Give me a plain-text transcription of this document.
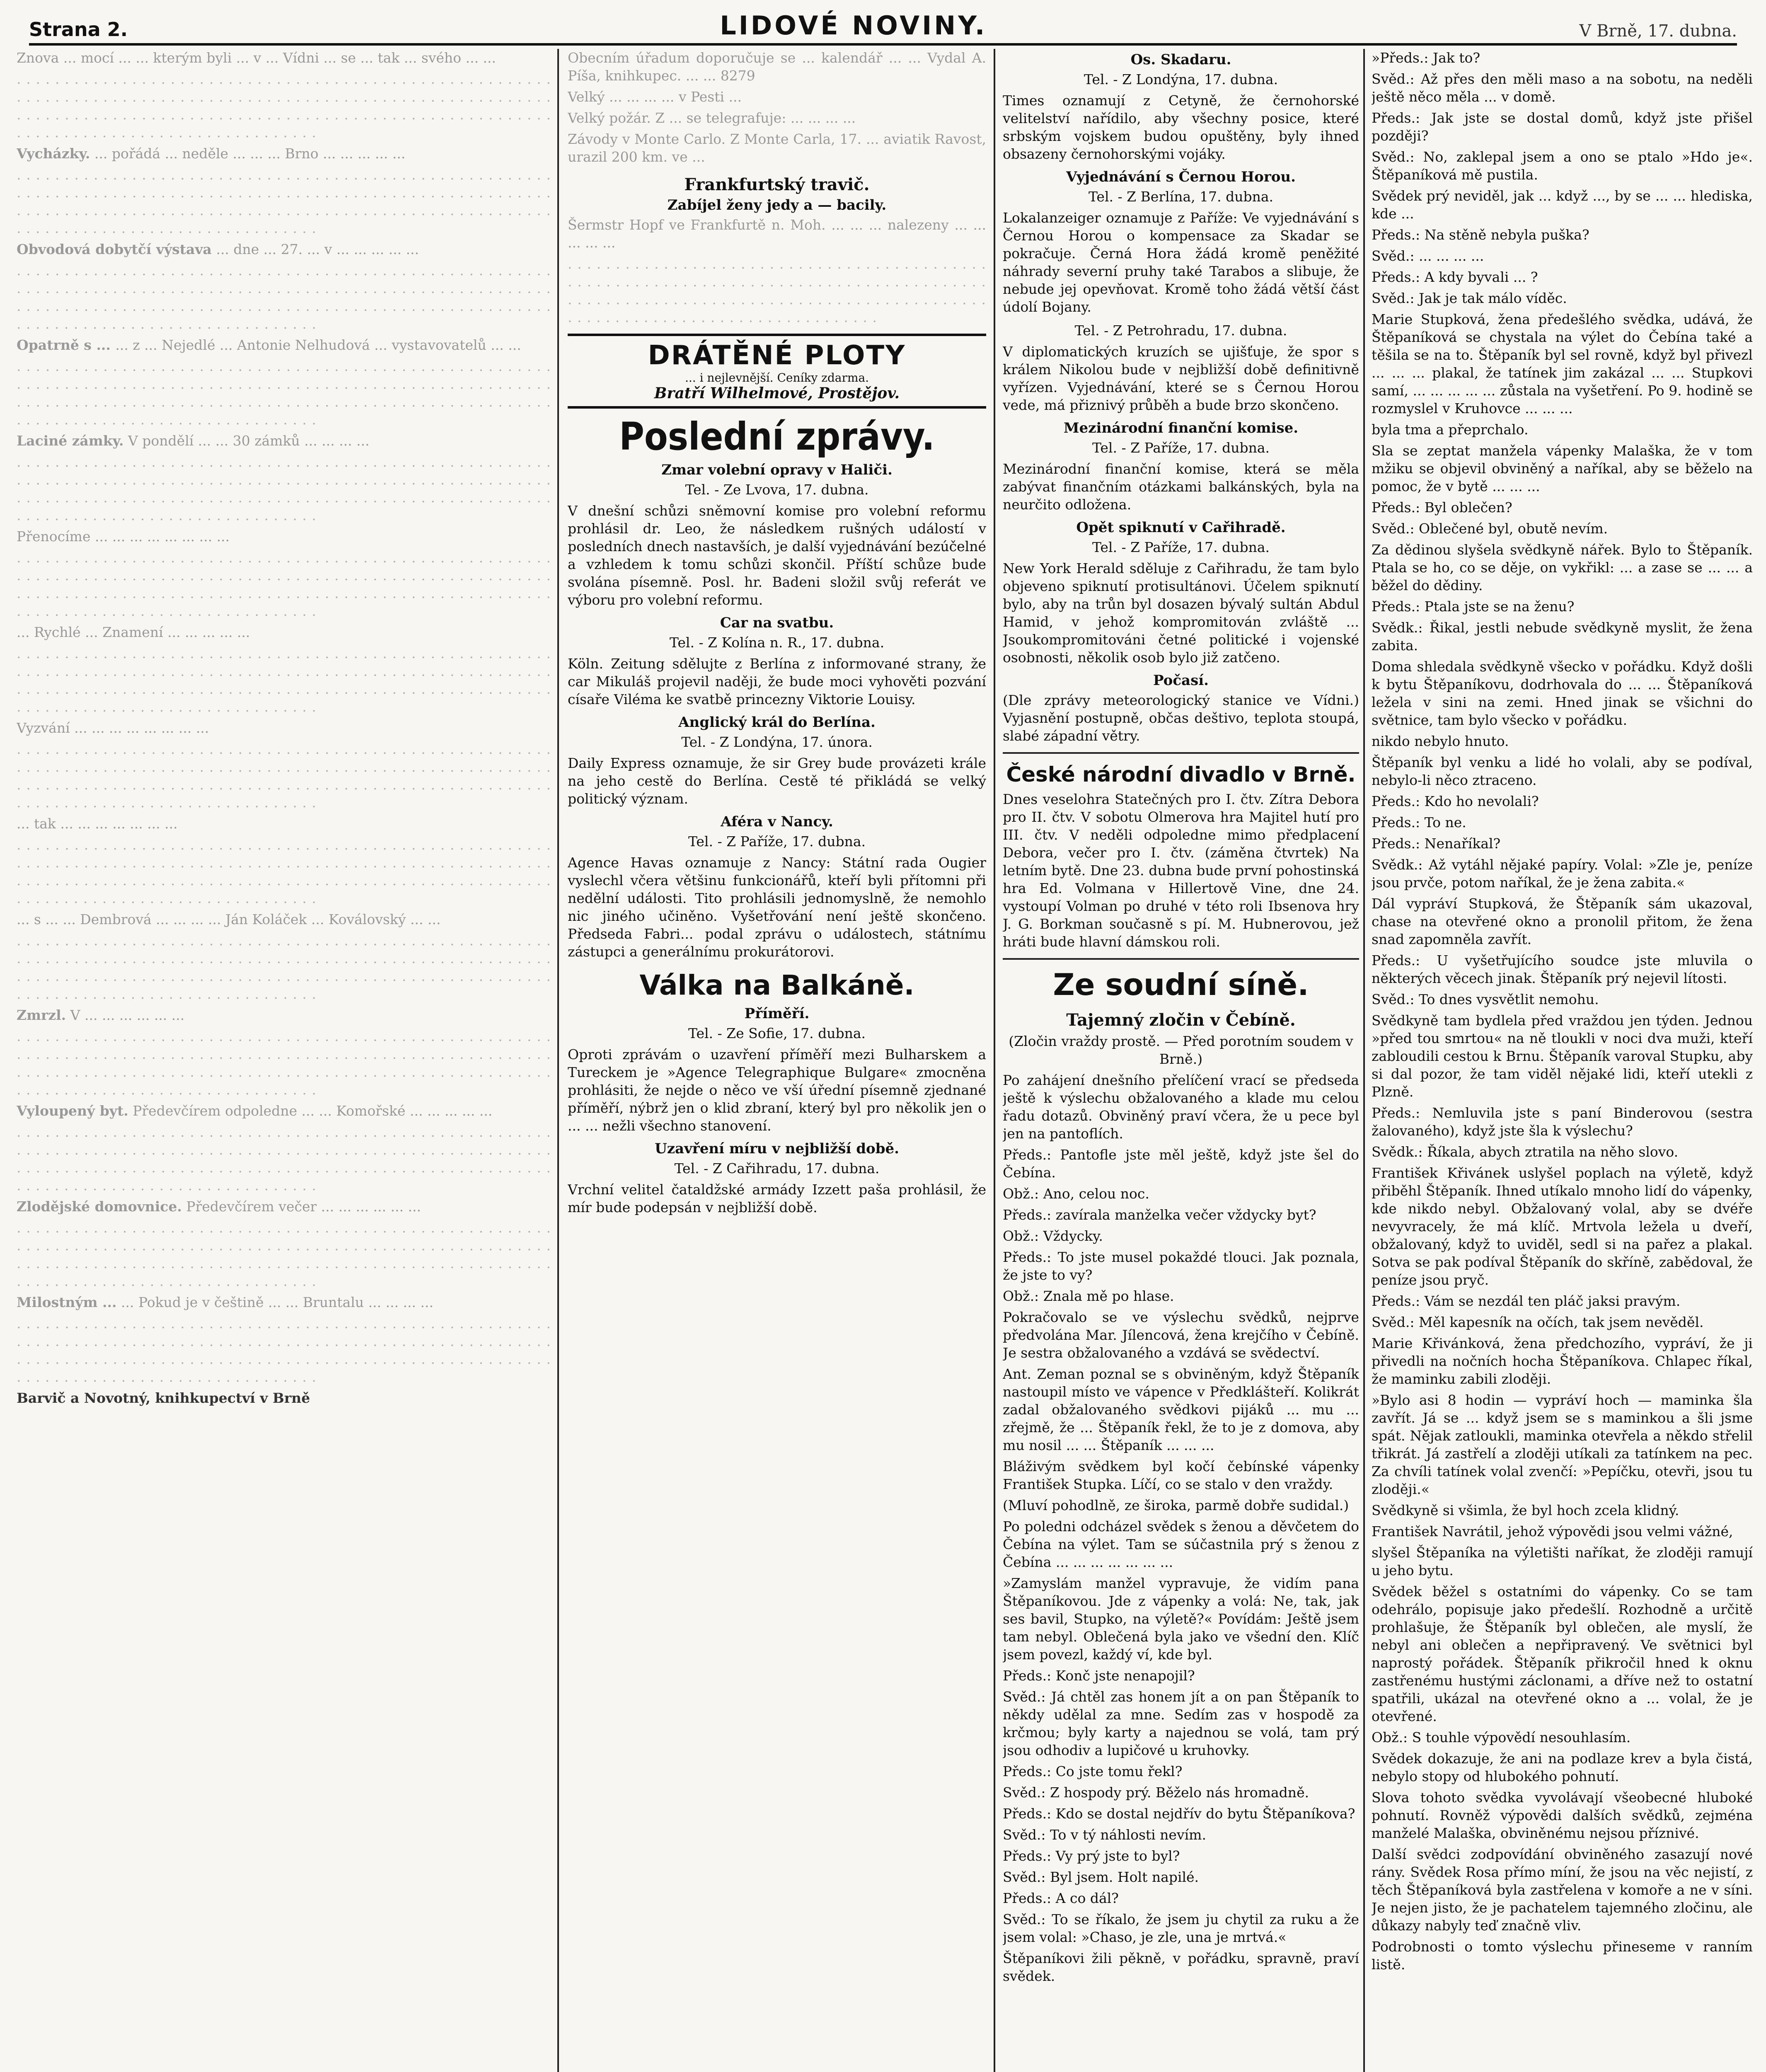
Strana 2.	LIDOVÉ NOVINY.	V Brně, 17. dubna.

Znova ... mocí ... ... kterým byli ... v ... Vídni ... se ... tak ... svého ... ...

. . . . . . . . . . . . . . . . . . . . . . . . . . . . . . . . . . . . . . . . . . . . . . . . . . . . . . . . . . . . . . . . . . . . . . . . . . . . . . . . . . . . . . . . . . . . . . . . . . . . . . . . . . . . . . . . . . . . . . . . . . . . . . . . . . . . . . . . . . . . . . . . . . . . . . . . . . . . . . . . . . . . . . . . . . . . . . . . . . . . . . . . . . . . . . . . . . . . . . . .

Vycházky. ... pořádá ... neděle ... ... ... Brno ... ... ... ... ...

. . . . . . . . . . . . . . . . . . . . . . . . . . . . . . . . . . . . . . . . . . . . . . . . . . . . . . . . . . . . . . . . . . . . . . . . . . . . . . . . . . . . . . . . . . . . . . . . . . . . . . . . . . . . . . . . . . . . . . . . . . . . . . . . . . . . . . . . . . . . . . . . . . . . . . . . . . . . . . . . . . . . . . . . . . . . . . . . . . . . . . . . . . . . . . . . . . . . . . . .

Obvodová dobytčí výstava ... dne ... 27. ... v ... ... ... ... ...

. . . . . . . . . . . . . . . . . . . . . . . . . . . . . . . . . . . . . . . . . . . . . . . . . . . . . . . . . . . . . . . . . . . . . . . . . . . . . . . . . . . . . . . . . . . . . . . . . . . . . . . . . . . . . . . . . . . . . . . . . . . . . . . . . . . . . . . . . . . . . . . . . . . . . . . . . . . . . . . . . . . . . . . . . . . . . . . . . . . . . . . . . . . . . . . . . . . . . . . .

Opatrně s ... ... z ... Nejedlé ... Antonie Nelhudová ... vystavovatelů ... ...

. . . . . . . . . . . . . . . . . . . . . . . . . . . . . . . . . . . . . . . . . . . . . . . . . . . . . . . . . . . . . . . . . . . . . . . . . . . . . . . . . . . . . . . . . . . . . . . . . . . . . . . . . . . . . . . . . . . . . . . . . . . . . . . . . . . . . . . . . . . . . . . . . . . . . . . . . . . . . . . . . . . . . . . . . . . . . . . . . . . . . . . . . . . . . . . . . . . . . . . .

Laciné zámky. V pondělí ... ... 30 zámků ... ... ... ...

. . . . . . . . . . . . . . . . . . . . . . . . . . . . . . . . . . . . . . . . . . . . . . . . . . . . . . . . . . . . . . . . . . . . . . . . . . . . . . . . . . . . . . . . . . . . . . . . . . . . . . . . . . . . . . . . . . . . . . . . . . . . . . . . . . . . . . . . . . . . . . . . . . . . . . . . . . . . . . . . . . . . . . . . . . . . . . . . . . . . . . . . . . . . . . . . . . . . . . . .

Přenocíme ... ... ... ... ... ... ... ...

. . . . . . . . . . . . . . . . . . . . . . . . . . . . . . . . . . . . . . . . . . . . . . . . . . . . . . . . . . . . . . . . . . . . . . . . . . . . . . . . . . . . . . . . . . . . . . . . . . . . . . . . . . . . . . . . . . . . . . . . . . . . . . . . . . . . . . . . . . . . . . . . . . . . . . . . . . . . . . . . . . . . . . . . . . . . . . . . . . . . . . . . . . . . . . . . . . . . . . . .

... Rychlé ... Znamení ... ... ... ... ...

. . . . . . . . . . . . . . . . . . . . . . . . . . . . . . . . . . . . . . . . . . . . . . . . . . . . . . . . . . . . . . . . . . . . . . . . . . . . . . . . . . . . . . . . . . . . . . . . . . . . . . . . . . . . . . . . . . . . . . . . . . . . . . . . . . . . . . . . . . . . . . . . . . . . . . . . . . . . . . . . . . . . . . . . . . . . . . . . . . . . . . . . . . . . . . . . . . . . . . . .

Vyzvání ... ... ... ... ... ... ... ...

. . . . . . . . . . . . . . . . . . . . . . . . . . . . . . . . . . . . . . . . . . . . . . . . . . . . . . . . . . . . . . . . . . . . . . . . . . . . . . . . . . . . . . . . . . . . . . . . . . . . . . . . . . . . . . . . . . . . . . . . . . . . . . . . . . . . . . . . . . . . . . . . . . . . . . . . . . . . . . . . . . . . . . . . . . . . . . . . . . . . . . . . . . . . . . . . . . . . . . . .

... tak ... ... ... ... ... ... ...

. . . . . . . . . . . . . . . . . . . . . . . . . . . . . . . . . . . . . . . . . . . . . . . . . . . . . . . . . . . . . . . . . . . . . . . . . . . . . . . . . . . . . . . . . . . . . . . . . . . . . . . . . . . . . . . . . . . . . . . . . . . . . . . . . . . . . . . . . . . . . . . . . . . . . . . . . . . . . . . . . . . . . . . . . . . . . . . . . . . . . . . . . . . . . . . . . . . . . . . .

... s ... ... Dembrová ... ... ... ... Ján Koláček ... Koválovský ... ...

. . . . . . . . . . . . . . . . . . . . . . . . . . . . . . . . . . . . . . . . . . . . . . . . . . . . . . . . . . . . . . . . . . . . . . . . . . . . . . . . . . . . . . . . . . . . . . . . . . . . . . . . . . . . . . . . . . . . . . . . . . . . . . . . . . . . . . . . . . . . . . . . . . . . . . . . . . . . . . . . . . . . . . . . . . . . . . . . . . . . . . . . . . . . . . . . . . . . . . . .

Zmrzl. V ... ... ... ... ... ...

. . . . . . . . . . . . . . . . . . . . . . . . . . . . . . . . . . . . . . . . . . . . . . . . . . . . . . . . . . . . . . . . . . . . . . . . . . . . . . . . . . . . . . . . . . . . . . . . . . . . . . . . . . . . . . . . . . . . . . . . . . . . . . . . . . . . . . . . . . . . . . . . . . . . . . . . . . . . . . . . . . . . . . . . . . . . . . . . . . . . . . . . . . . . . . . . . . . . . . . .

Vyloupený byt. Předevčírem odpoledne ... ... Komořské ... ... ... ... ...

. . . . . . . . . . . . . . . . . . . . . . . . . . . . . . . . . . . . . . . . . . . . . . . . . . . . . . . . . . . . . . . . . . . . . . . . . . . . . . . . . . . . . . . . . . . . . . . . . . . . . . . . . . . . . . . . . . . . . . . . . . . . . . . . . . . . . . . . . . . . . . . . . . . . . . . . . . . . . . . . . . . . . . . . . . . . . . . . . . . . . . . . . . . . . . . . . . . . . . . .

Zlodějské domovnice. Předevčírem večer ... ... ... ... ... ...

. . . . . . . . . . . . . . . . . . . . . . . . . . . . . . . . . . . . . . . . . . . . . . . . . . . . . . . . . . . . . . . . . . . . . . . . . . . . . . . . . . . . . . . . . . . . . . . . . . . . . . . . . . . . . . . . . . . . . . . . . . . . . . . . . . . . . . . . . . . . . . . . . . . . . . . . . . . . . . . . . . . . . . . . . . . . . . . . . . . . . . . . . . . . . . . . . . . . . . . .

Milostným ... ... Pokud je v češtině ... ... Bruntalu ... ... ... ...

. . . . . . . . . . . . . . . . . . . . . . . . . . . . . . . . . . . . . . . . . . . . . . . . . . . . . . . . . . . . . . . . . . . . . . . . . . . . . . . . . . . . . . . . . . . . . . . . . . . . . . . . . . . . . . . . . . . . . . . . . . . . . . . . . . . . . . . . . . . . . . . . . . . . . . . . . . . . . . . . . . . . . . . . . . . . . . . . . . . . . . . . . . . . . . . . . . . . . . . .

Barvič a Novotný, knihkupectví v Brně

Obecním úřadum doporučuje se ... kalendář ... ... Vydal A. Píša, knihkupec. ... ... 8279

Velký ... ... ... ... v Pesti ...

Velký požár. Z ... se telegrafuje: ... ... ... ...

Závody v Monte Carlo. Z Monte Carla, 17. ... aviatik Ravost, urazil 200 km. ve ...

Frankfurtský travič.
Zabíjel ženy jedy a — bacily.

Šermstr Hopf ve Frankfurtě n. Moh. ... ... ... nalezeny ... ... ... ... ...

. . . . . . . . . . . . . . . . . . . . . . . . . . . . . . . . . . . . . . . . . . . . . . . . . . . . . . . . . . . . . . . . . . . . . . . . . . . . . . . . . . . . . . . . . . . . . . . . . . . . . . . . . . . . . . . . . . . . . . . . . . . . . . . . . . . . . . . . . . . . . . . . . . . . . . . . . . . . . . . . . . . . .

DRÁTĚNÉ PLOTY
... i nejlevnější. Ceníky zdarma.
Bratří Wilhelmové, Prostějov.
Poslední zprávy.
Zmar volební opravy v Haliči.

Tel. - Ze Lvova, 17. dubna.

V dnešní schůzi sněmovní komise pro volební reformu prohlásil dr. Leo, že následkem rušných událostí v posledních dnech nastavších, je další vyjednávání bezúčelné a vzhledem k tomu schůzi skončil. Příští schůze bude svolána písemně. Posl. hr. Badeni složil svůj referát ve výboru pro volební reformu.

Car na svatbu.

Tel. - Z Kolína n. R., 17. dubna.

Köln. Zeitung sdělujte z Berlína z informované strany, že car Mikuláš projevil naději, že bude moci vyhověti pozvání císaře Viléma ke svatbě princezny Viktorie Louisy.

Anglický král do Berlína.

Tel. - Z Londýna, 17. února.

Daily Express oznamuje, že sir Grey bude provázeti krále na jeho cestě do Berlína. Cestě té přikládá se velký politický význam.

Aféra v Nancy.

Tel. - Z Paříže, 17. dubna.

Agence Havas oznamuje z Nancy: Státní rada Ougier vyslechl včera většinu funkcionářů, kteří byli přítomni při nedělní události. Tito prohlásili jednomyslně, že nemohlo nic jiného učiněno. Vyšetřování není ještě skončeno. Předseda Fabri... podal zprávu o událostech, státnímu zástupci a generálnímu prokurátorovi.

Válka na Balkáně.
Příměří.

Tel. - Ze Sofie, 17. dubna.

Oproti zprávám o uzavření příměří mezi Bulharskem a Tureckem je »Agence Telegraphique Bulgare« zmocněna prohlásiti, že nejde o něco ve vší úřední písemně zjednané příměří, nýbrž jen o klid zbraní, který byl pro několik jen o ... ... nežli všechno stanovení.

Uzavření míru v nejbližší době.

Tel. - Z Cařihradu, 17. dubna.

Vrchní velitel čataldžské armády Izzett paša prohlásil, že mír bude podepsán v nejbližší době.

Os. Skadaru.

Tel. - Z Londýna, 17. dubna.

Times oznamují z Cetyně, že černohorské velitelství nařídilo, aby všechny posice, které srbským vojskem budou opuštěny, byly ihned obsazeny černohorskými vojáky.

Vyjednávání s Černou Horou.

Tel. - Z Berlína, 17. dubna.

Lokalanzeiger oznamuje z Paříže: Ve vyjednávání s Černou Horou o kompensace za Skadar se pokračuje. Černá Hora žádá kromě peněžité náhrady severní pruhy také Tarabos a slibuje, že nebude jej opevňovat. Kromě toho žádá větší část údolí Bojany.

Tel. - Z Petrohradu, 17. dubna.

V diplomatických kruzích se ujišťuje, že spor s králem Nikolou bude v nejbližší době definitivně vyřízen. Vyjednávání, které se s Černou Horou vede, má přiznivý průběh a bude brzo skončeno.

Mezinárodní finanční komise.

Tel. - Z Paříže, 17. dubna.

Mezinárodní finanční komise, která se měla zabývat finančním otázkami balkánských, byla na neurčito odložena.

Opět spiknutí v Cařihradě.

Tel. - Z Paříže, 17. dubna.

New York Herald sděluje z Cařihradu, že tam bylo objeveno spiknutí protisultánovi. Účelem spiknutí bylo, aby na trůn byl dosazen bývalý sultán Abdul Hamid, v jehož kompromitován zvláště ... Jsoukompromitováni četné politické i vojenské osobnosti, několik osob bylo již zatčeno.

Počasí.

(Dle zprávy meteorologický stanice ve Vídni.) Vyjasnění postupně, občas deštivo, teplota stoupá, slabé západní větry.

České národní divadlo v Brně.

Dnes veselohra Statečných pro I. čtv. Zítra Debora pro II. čtv. V sobotu Olmerova hra Majitel hutí pro III. čtv. V neděli odpoledne mimo předplacení Debora, večer pro I. čtv. (záměna čtvrtek) Na letním bytě. Dne 23. dubna bude první pohostinská hra Ed. Volmana v Hillertově Vine, dne 24. vystoupí Volman po druhé v této roli Ibsenova hry J. G. Borkman současně s pí. M. Hubnerovou, jež hráti bude hlavní dámskou roli.

Ze soudní síně.
Tajemný zločin v Čebíně.

(Zločin vraždy prostě. — Před porotním soudem v Brně.)

Po zahájení dnešního přelíčení vrací se předseda ještě k výslechu obžalovaného a klade mu celou řadu dotazů. Obviněný praví včera, že u pece byl jen na pantoflích.

Předs.: Pantofle jste měl ještě, když jste šel do Čebína.

Obž.: Ano, celou noc.

Předs.: zavírala manželka večer vždycky byt?

Obž.: Vždycky.

Předs.: To jste musel pokaždé tlouci. Jak poznala, že jste to vy?

Obž.: Znala mě po hlase.

Pokračovalo se ve výslechu svědků, nejprve předvolána Mar. Jílencová, žena krejčího v Čebíně. Je sestra obžalovaného a vzdává se svědectví.

Ant. Zeman poznal se s obviněným, když Štěpaník nastoupil místo ve vápence v Předklášteří. Kolikrát zadal obžalovaného svědkovi pijáků ... mu ... zřejmě, že ... Štěpaník řekl, že to je z domova, aby mu nosil ... ... Štěpaník ... ... ...

Bláživým svědkem byl kočí čebínské vápenky František Stupka. Líčí, co se stalo v den vraždy.

(Mluví pohodlně, ze široka, parmě dobře sudidal.)

Po poledni odcházel svědek s ženou a děvčetem do Čebína na výlet. Tam se súčastnila prý s ženou z Čebína ... ... ... ... ... ... ...

»Zamyslám manžel vypravuje, že vidím pana Štěpaníkovou. Jde z vápenky a volá: Ne, tak, jak ses bavil, Stupko, na výletě?« Povídám: Ještě jsem tam nebyl. Oblečená byla jako ve všední den. Klíč jsem povezl, každý ví, kde byl.

Předs.: Konč jste nenapojil?

Svěd.: Já chtěl zas honem jít a on pan Štěpaník to někdy udělal za mne. Sedím zas v hospodě za krčmou; byly karty a najednou se volá, tam prý jsou odhodiv a lupičové u kruhovky.

Předs.: Co jste tomu řekl?

Svěd.: Z hospody prý. Běželo nás hromadně.

Předs.: Kdo se dostal nejdřív do bytu Štěpaníkova?

Svěd.: To v tý náhlosti nevím.

Předs.: Vy prý jste to byl?

Svěd.: Byl jsem. Holt napilé.

Předs.: A co dál?

Svěd.: To se říkalo, že jsem ju chytil za ruku a že jsem volal: »Chaso, je zle, una je mrtvá.«

Štěpaníkovi žili pěkně, v pořádku, spravně, praví svědek.

»Předs.: Jak to?

Svěd.: Až přes den měli maso a na sobotu, na neděli ještě něco měla ... v domě.

Předs.: Jak jste se dostal domů, když jste přišel později?

Svěd.: No, zaklepal jsem a ono se ptalo »Hdo je«. Štěpaníková mě pustila.

Svědek prý neviděl, jak ... když ..., by se ... ... hlediska, kde ...

Předs.: Na stěně nebyla puška?

Svěd.: ... ... ... ...

Předs.: A kdy byvali ... ?

Svěd.: Jak je tak málo víděc.

Marie Stupková, žena předešlého svědka, udává, že Štěpaníková se chystala na výlet do Čebína také a těšila se na to. Štěpaník byl sel rovně, když byl přivezl ... ... ... plakal, že tatínek jim zakázal ... ... Stupkovi samí, ... ... ... ... ... zůstala na vyšetření. Po 9. hodině se rozmyslel v Kruhovce ... ... ...

byla tma a přeprchalo.

Sla se zeptat manžela vápenky Malaška, že v tom mžiku se objevil obviněný a naříkal, aby se běželo na pomoc, že v bytě ... ... ...

Předs.: Byl oblečen?

Svěd.: Oblečené byl, obutě nevím.

Za dědinou slyšela svědkyně nářek. Bylo to Štěpaník. Ptala se ho, co se děje, on vykřikl: ... a zase se ... ... a běžel do dědiny.

Předs.: Ptala jste se na ženu?

Svědk.: Řikal, jestli nebude svědkyně myslit, že žena zabita.

Doma shledala svědkyně všecko v pořádku. Když došli k bytu Štěpaníkovu, dodrhovala do ... ... Štěpaníková ležela v sini na zemi. Hned jinak se všichni do světnice, tam bylo všecko v pořádku.

nikdo nebylo hnuto.

Štěpaník byl venku a lidé ho volali, aby se podíval, nebylo-li něco ztraceno.

Předs.: Kdo ho nevolali?

Předs.: To ne.

Předs.: Nenaříkal?

Svědk.: Až vytáhl nějaké papíry. Volal: »Zle je, peníze jsou prvče, potom naříkal, že je žena zabita.«

Dál vypráví Stupková, že Štěpaník sám ukazoval, chase na otevřené okno a pronolil přitom, že žena snad zapomněla zavřít.

Předs.: U vyšetřujícího soudce jste mluvila o některých věcech jinak. Štěpaník prý nejevil lítosti.

Svěd.: To dnes vysvětlit nemohu.

Svědkyně tam bydlela před vraždou jen týden. Jednou »před tou smrtou« na ně tloukli v noci dva muži, kteří zabloudili cestou k Brnu. Štěpaník varoval Stupku, aby si dal pozor, že tam viděl nějaké lidi, kteří utekli z Plzně.

Předs.: Nemluvila jste s paní Binderovou (sestra žalovaného), když jste šla k výslechu?

Svědk.: Říkala, abych ztratila na něho slovo.

František Křivánek uslyšel poplach na výletě, když přiběhl Štěpaník. Ihned utíkalo mnoho lidí do vápenky, kde nikdo nebyl. Obžalovaný volal, aby se dvéře nevyvracely, že má klíč. Mrtvola ležela u dveří, obžalovaný, když to uviděl, sedl si na pařez a plakal. Sotva se pak podíval Štěpaník do skříně, zabědoval, že peníze jsou pryč.

Předs.: Vám se nezdál ten pláč jaksi pravým.

Svěd.: Měl kapesník na očích, tak jsem nevěděl.

Marie Křivánková, žena předchozího, vypráví, že ji přivedli na nočních hocha Štěpaníkova. Chlapec říkal, že maminku zabili zloději.

»Bylo asi 8 hodin — vypráví hoch — maminka šla zavřít. Já se ... když jsem se s maminkou a šli jsme spát. Nějak zatloukli, maminka otevřela a někdo střelil třikrát. Já zastřelí a zloději utíkali za tatínkem na pec. Za chvíli tatínek volal zvenčí: »Pepíčku, otevři, jsou tu zloději.«

Svědkyně si všimla, že byl hoch zcela klidný.

František Navrátil, jehož výpovědi jsou velmi vážné,

slyšel Štěpaníka na výletišti naříkat, že zloději ramují u jeho bytu.

Svědek běžel s ostatními do vápenky. Co se tam odehrálo, popisuje jako předešlí. Rozhodně a určitě prohlašuje, že Štěpaník byl oblečen, ale myslí, že nebyl ani oblečen a nepřipravený. Ve světnici byl naprostý pořádek. Štěpaník přikročil hned k oknu zastřenému hustými záclonami, a dříve než to ostatní spatřili, ukázal na otevřené okno a ... volal, že je otevřené.

Obž.: S touhle výpovědí nesouhlasím.

Svědek dokazuje, že ani na podlaze krev a byla čistá, nebylo stopy od hlubokého pohnutí.

Slova tohoto svědka vyvolávají všeobecné hluboké pohnutí. Rovněž výpovědi dalších svědků, zejména manželé Malaška, obviněnému nejsou příznivé.

Další svědci zodpovídání obviněného zasazují nové rány. Svědek Rosa přímo míní, že jsou na věc nejistí, z těch Štěpaníková byla zastřelena v komoře a ne v síni. Je nejen jisto, že je pachatelem tajemného zločinu, ale důkazy nabyly teď značně vliv.

Podrobnosti o tomto výslechu přineseme v ranním listě.
